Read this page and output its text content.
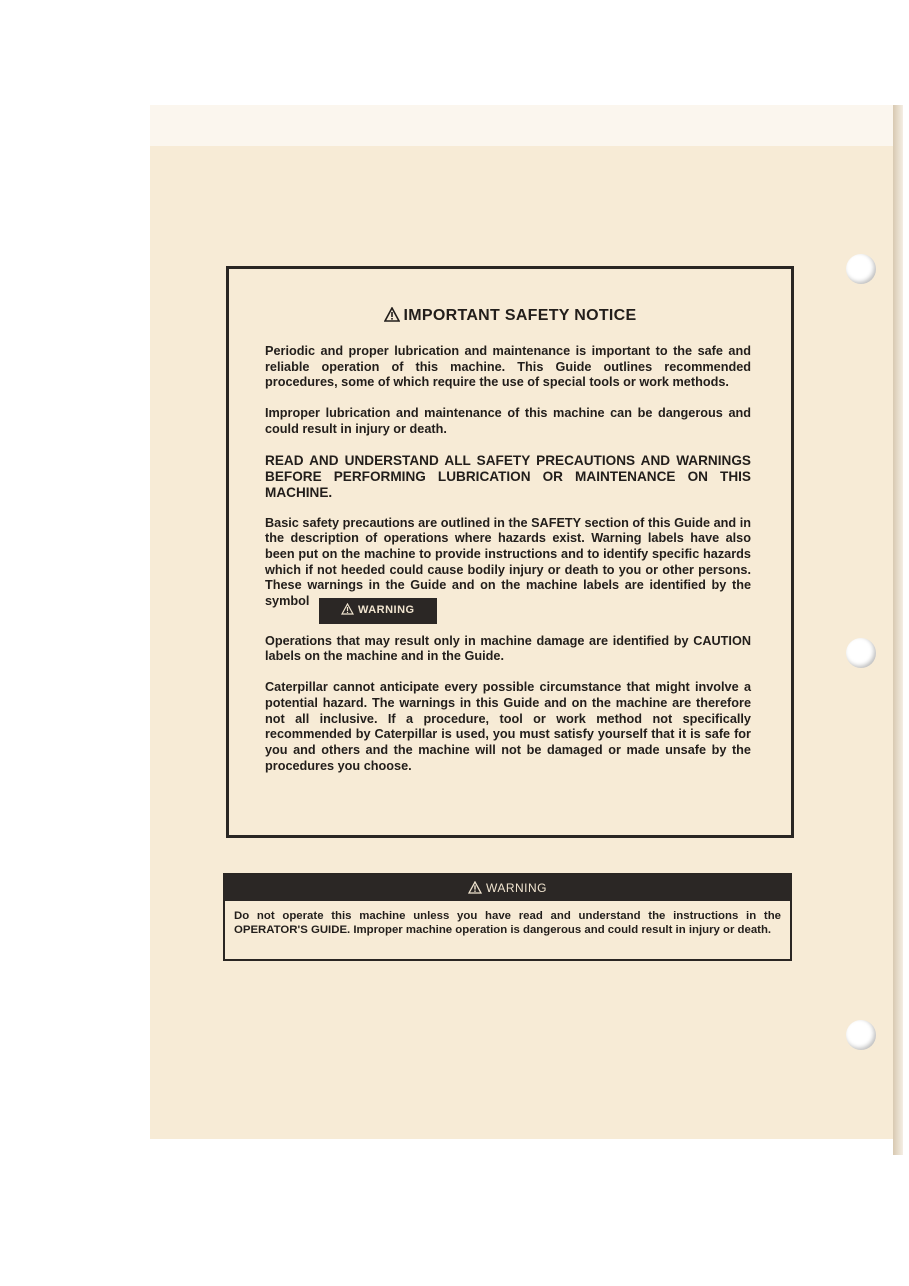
IMPORTANT SAFETY NOTICE

Periodic and proper lubrication and maintenance is important to the safe and reliable operation of this machine. This Guide outlines recommended procedures, some of which require the use of special tools or work methods.

Improper lubrication and maintenance of this machine can be dangerous and could result in injury or death.

READ AND UNDERSTAND ALL SAFETY PRECAUTIONS AND WARNINGS BEFORE PERFORMING LUBRICATION OR MAINTENANCE ON THIS MACHINE.

Basic safety precautions are outlined in the SAFETY section of this Guide and in the description of operations where hazards exist. Warning labels have also been put on the machine to provide instructions and to identify specific hazards which if not heeded could cause bodily injury or death to you or other persons. These warnings in the Guide and on the machine labels are identified by the symbol WARNING

Operations that may result only in machine damage are identified by CAUTION labels on the machine and in the Guide.

Caterpillar cannot anticipate every possible circumstance that might involve a potential hazard. The warnings in this Guide and on the machine are therefore not all inclusive. If a procedure, tool or work method not specifically recommended by Caterpillar is used, you must satisfy yourself that it is safe for you and others and the machine will not be damaged or made unsafe by the procedures you choose.

WARNING
Do not operate this machine unless you have read and understand the instructions in the OPERATOR'S GUIDE. Improper machine operation is dangerous and could result in injury or death.
